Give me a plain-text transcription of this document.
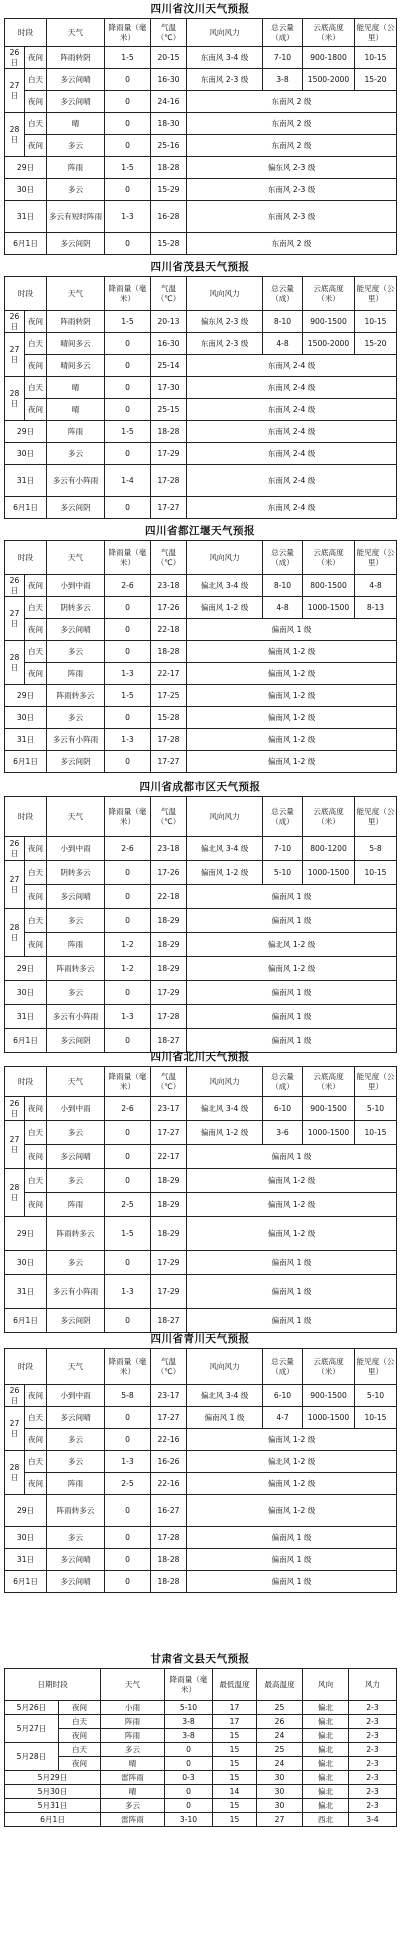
四川省汶川天气预报
时段		天气	降雨量（毫米）	气温（℃）	风向风力	总云量（成）	云底高度（米）	能见度（公里）
26日	夜间	阵雨转阴	1-5	20-15	东南风 3-4 级	7-10	900-1800	10-15
27日	白天	多云间晴	0	16-30	东南风 2-3 级	3-8	1500-2000	15-20
	夜间	多云间晴	0	24-16	东南风 2 级			
28日	白天	晴	0	18-30	东南风 2 级			
	夜间	多云	0	25-16	东南风 2 级			
29日		阵雨	1-5	18-28	偏东风 2-3 级			
30日		多云	0	15-29	东南风 2-3 级			
31日		多云有短时阵雨	1-3	16-28	东南风 2-3 级			
6月1日		多云间阴	0	15-28	东南风 2 级			
四川省茂县天气预报
时段		天气	降雨量（毫米）	气温（℃）	风向风力	总云量（成）	云底高度（米）	能见度（公里）
26日	夜间	阵雨转阴	1-5	20-13	偏东风 2-3 级	8-10	900-1500	10-15
27日	白天	晴间多云	0	16-30	东南风 2-3 级	4-8	1500-2000	15-20
	夜间	晴间多云	0	25-14	东南风 2-4 级			
28日	白天	晴	0	17-30	东南风 2-4 级			
	夜间	晴	0	25-15	东南风 2-4 级			
29日		阵雨	1-5	18-28	东南风 2-4 级			
30日		多云	0	17-29	东南风 2-4 级			
31日		多云有小阵雨	1-4	17-28	东南风 2-4 级			
6月1日		多云间阴	0	17-27	东南风 2-4 级			
四川省都江堰天气预报
时段		天气	降雨量（毫米）	气温（℃）	风向风力	总云量（成）	云底高度（米）	能见度（公里）
26日	夜间	小到中雨	2-6	23-18	偏北风 3-4 级	8-10	800-1500	4-8
27日	白天	阴转多云	0	17-26	偏南风 1-2 级	4-8	1000-1500	8-13
	夜间	多云间晴	0	22-18	偏南风 1 级			
28日	白天	多云	0	18-28	偏南风 1-2 级			
	夜间	阵雨	1-3	22-17	偏南风 1-2 级			
29日		阵雨转多云	1-5	17-25	偏南风 1-2 级			
30日		多云	0	15-28	偏南风 1-2 级			
31日		多云有小阵雨	1-3	17-28	偏南风 1-2 级			
6月1日		多云间阴	0	17-27	偏南风 1-2 级			
四川省成都市区天气预报
时段		天气	降雨量（毫米）	气温（℃）	风向风力	总云量（成）	云底高度（米）	能见度（公里）
26日	夜间	小到中雨	2-6	23-18	偏北风 3-4 级	7-10	800-1200	5-8
27日	白天	阴转多云	0	17-26	偏南风 1-2 级	5-10	1000-1500	10-15
	夜间	多云间晴	0	22-18	偏南风 1 级			
28日	白天	多云	0	18-29	偏南风 1 级			
	夜间	阵雨	1-2	18-29	偏北风 1-2 级			
29日		阵雨转多云	1-2	18-29	偏南风 1-2 级			
30日		多云	0	17-29	偏南风 1 级			
31日		多云有小阵雨	1-3	17-28	偏南风 1 级			
6月1日		多云间阴	0	18-27	偏南风 1 级			
四川省北川天气预报
时段		天气	降雨量（毫米）	气温（℃）	风向风力	总云量（成）	云底高度（米）	能见度（公里）
26日	夜间	小到中雨	2-6	23-17	偏北风 3-4 级	6-10	900-1500	5-10
27日	白天	多云	0	17-27	偏南风 1-2 级	3-6	1000-1500	10-15
	夜间	多云间晴	0	22-17	偏南风 1 级			
28日	白天	多云	0	18-29	偏南风 1-2 级			
	夜间	阵雨	2-5	18-29	偏南风 1-2 级			
29日		阵雨转多云	1-5	18-29	偏南风 1-2 级			
30日		多云	0	17-29	偏南风 1 级			
31日		多云有小阵雨	1-3	17-29	偏南风 1 级			
6月1日		多云间阴	0	18-27	偏南风 1 级			
四川省青川天气预报
时段		天气	降雨量（毫米）	气温（℃）	风向风力	总云量（成）	云底高度（米）	能见度（公里）
26日	夜间	小到中雨	5-8	23-17	偏北风 3-4 级	6-10	900-1500	5-10
27日	白天	多云间晴	0	17-27	偏南风 1 级	4-7	1000-1500	10-15
	夜间	多云	0	22-16	偏南风 1-2 级			
28日	白天	多云	1-3	16-26	偏北风 1-2 级			
	夜间	阵雨	2-5	22-16	偏南风 1-2 级			
29日		阵雨转多云	0	16-27	偏南风 1-2 级			
30日		多云	0	17-28	偏南风 1 级			
31日		多云间晴	0	18-28	偏南风 1 级			
6月1日		多云间晴	0	18-28	偏南风 1 级			
甘肃省文县天气预报
日期时段		天气	降雨量（毫米）	最低温度	最高温度	风向	风力
5月26日	夜间	小雨	5-10	17	25	偏北	2-3
5月27日	白天	阵雨	3-8	17	26	偏北	2-3
	夜间	阵雨	3-8	15	24	偏北	2-3
5月28日	白天	多云	0	15	25	偏北	2-3
	夜间	晴	0	15	24	偏北	2-3
5月29日		雷阵雨	0-3	15	30	偏北	2-3
5月30日		晴	0	14	30	偏北	2-3
5月31日		多云	0	15	30	偏北	2-3
6月1日		雷阵雨	3-10	15	27	西北	3-4
